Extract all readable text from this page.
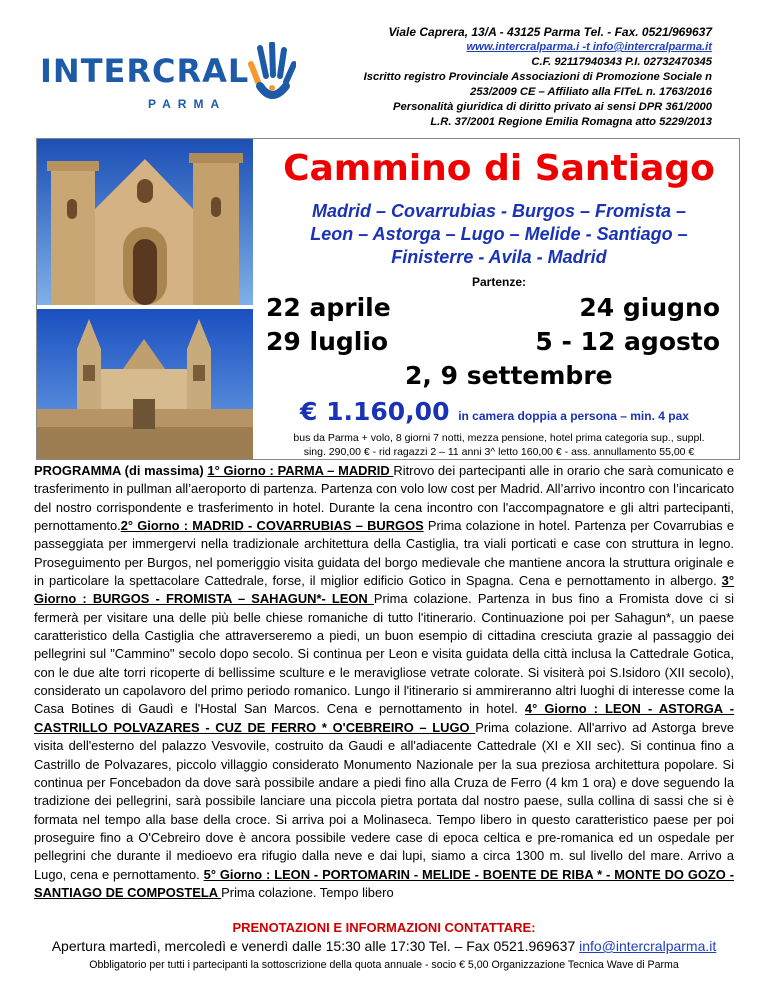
INTERCRAL
PARMA
Viale Caprera, 13/A - 43125 Parma Tel. - Fax. 0521/969637
www.intercralparma.i -t info@intercralparma.it
C.F. 92117940343 P.I. 02732470345
Iscritto registro Provinciale Associazioni di Promozione Sociale n
253/2009 CE – Affiliato alla FITeL n. 1763/2016
Personalità giuridica di diritto privato ai sensi DPR 361/2000
L.R. 37/2001 Regione Emilia Romagna atto 5229/2013
Cammino di Santiago
Madrid – Covarrubias - Burgos – Fromista –
Leon – Astorga – Lugo – Melide - Santiago –
Finisterre - Avila - Madrid
Partenze:
22 aprile	24 giugno
29 luglio	5 - 12 agosto
2, 9 settembre
€ 1.160,00 in camera doppia a persona – min. 4 pax
bus da Parma + volo, 8 giorni 7 notti, mezza pensione, hotel prima categoria sup., suppl.
sing. 290,00 € - rid ragazzi 2 – 11 anni 3^ letto 160,00 € - ass. annullamento 55,00 €
PROGRAMMA (di massima) 1° Giorno : PARMA – MADRID Ritrovo dei partecipanti alle in orario che sarà comunicato e trasferimento in pullman all’aeroporto di partenza. Partenza con volo low cost per Madrid. All’arrivo incontro con l’incaricato del nostro corrispondente e trasferimento in hotel. Durante la cena incontro con l'accompagnatore e gli altri partecipanti, pernottamento.2° Giorno : MADRID - COVARRUBIAS – BURGOS Prima colazione in hotel. Partenza per Covarrubias e passeggiata per immergervi nella tradizionale architettura della Castiglia, tra viali porticati e case con struttura in legno. Proseguimento per Burgos, nel pomeriggio visita guidata del borgo medievale che mantiene ancora la struttura originale e in particolare la spettacolare Cattedrale, forse, il miglior edificio Gotico in Spagna. Cena e pernottamento in albergo. 3° Giorno : BURGOS - FROMISTA – SAHAGUN*- LEON Prima colazione. Partenza in bus fino a Fromista dove ci si fermerà per visitare una delle più belle chiese romaniche di tutto l'itinerario. Continuazione poi per Sahagun*, un paese caratteristico della Castiglia che attraverseremo a piedi, un buon esempio di cittadina cresciuta grazie al passaggio dei pellegrini sul "Cammino" secolo dopo secolo. Si continua per Leon e visita guidata della città inclusa la Cattedrale Gotica, con le due alte torri ricoperte di bellissime sculture e le meravigliose vetrate colorate. Si visiterà poi S.Isidoro (XII secolo), considerato un capolavoro del primo periodo romanico. Lungo il l'itinerario si ammireranno altri luoghi di interesse come la Casa Botines di Gaudì e l'Hostal San Marcos. Cena e pernottamento in hotel. 4° Giorno : LEON - ASTORGA - CASTRILLO POLVAZARES - CUZ DE FERRO * O'CEBREIRO – LUGO Prima colazione. All'arrivo ad Astorga breve visita dell'esterno del palazzo Vesvovile, costruito da Gaudi e all'adiacente Cattedrale (XI e XII sec). Si continua fino a Castrillo de Polvazares, piccolo villaggio considerato Monumento Nazionale per la sua preziosa architettura popolare. Si continua per Foncebadon da dove sarà possibile andare a piedi fino alla Cruza de Ferro (4 km 1 ora) e dove seguendo la tradizione dei pellegrini, sarà possibile lanciare una piccola pietra portata dal nostro paese, sulla collina di sassi che si è formata nel tempo alla base della croce. Si arriva poi a Molinaseca. Tempo libero in questo caratteristico paese per poi proseguire fino a O'Cebreiro dove è ancora possibile vedere case di epoca celtica e pre-romanica ed un ospedale per pellegrini che durante il medioevo era rifugio dalla neve e dai lupi, siamo a circa 1300 m. sul livello del mare. Arrivo a Lugo, cena e pernottamento. 5° Giorno : LEON - PORTOMARIN - MELIDE - BOENTE DE RIBA * - MONTE DO GOZO - SANTIAGO DE COMPOSTELA Prima colazione. Tempo libero
PRENOTAZIONI E INFORMAZIONI CONTATTARE:
Apertura martedì, mercoledì e venerdì dalle 15:30 alle 17:30 Tel. – Fax 0521.969637 info@intercralparma.it
Obbligatorio per tutti i partecipanti la sottoscrizione della quota annuale - socio € 5,00 Organizzazione Tecnica Wave di Parma
